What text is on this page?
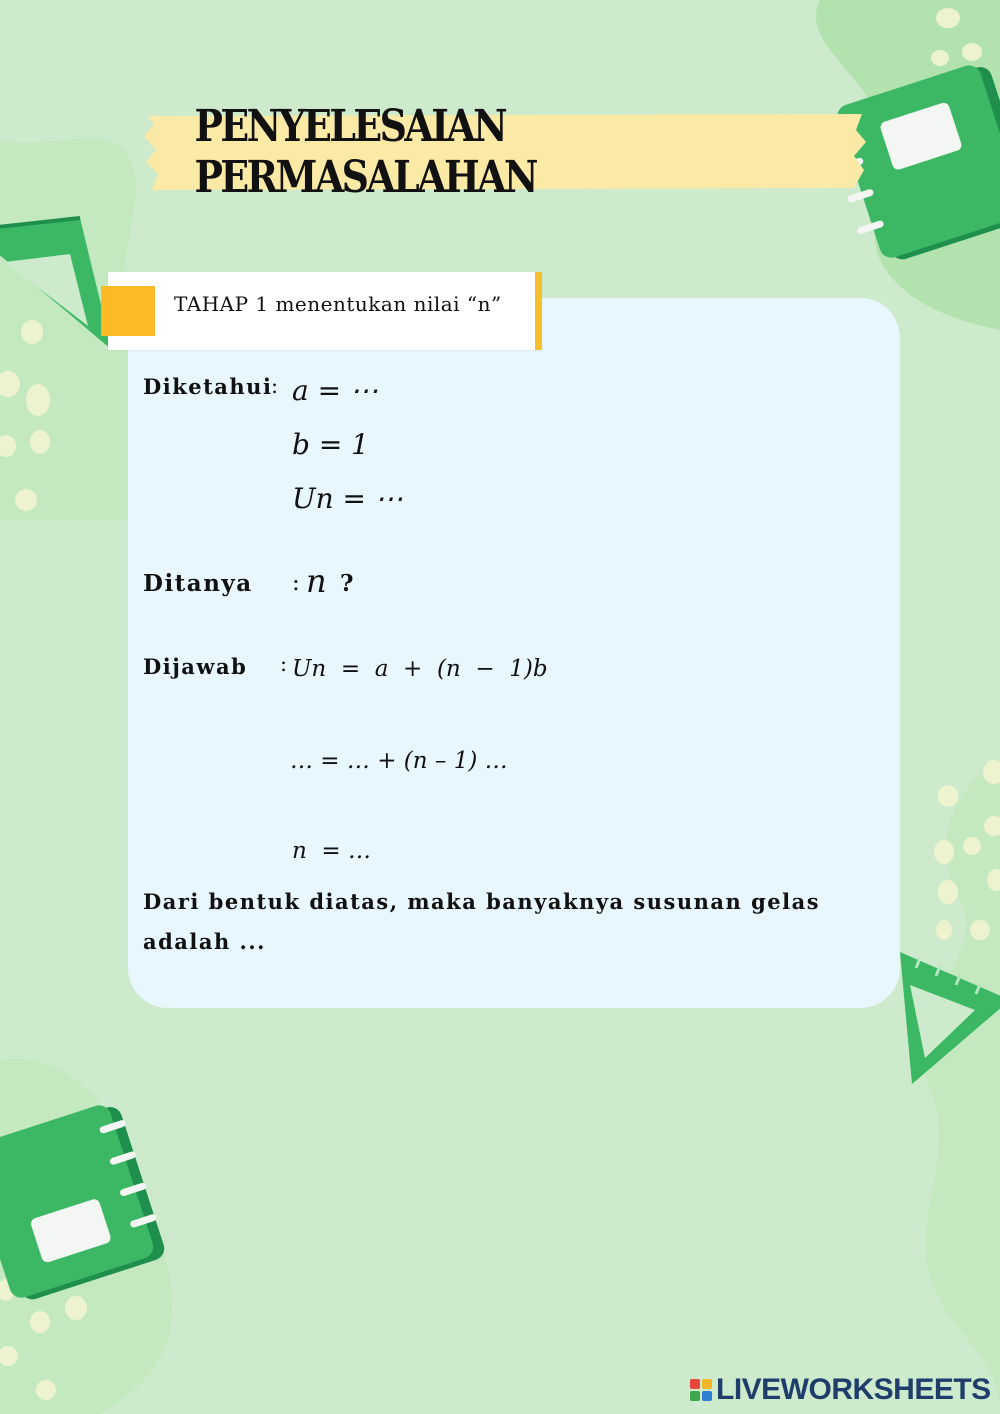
PENYELESAIAN PERMASALAHAN
TAHAP 1 menentukan nilai “n”
Diketahui
: a = ⋯
b = 1
Un = ⋯
Ditanya : n ?
Dijawab : Un  =  a  +  (n  −  1)b
… = … + (n – 1) …
n  = …
Dari bentuk diatas, maka banyaknya susunan gelas adalah ...
LIVEWORKSHEETS
